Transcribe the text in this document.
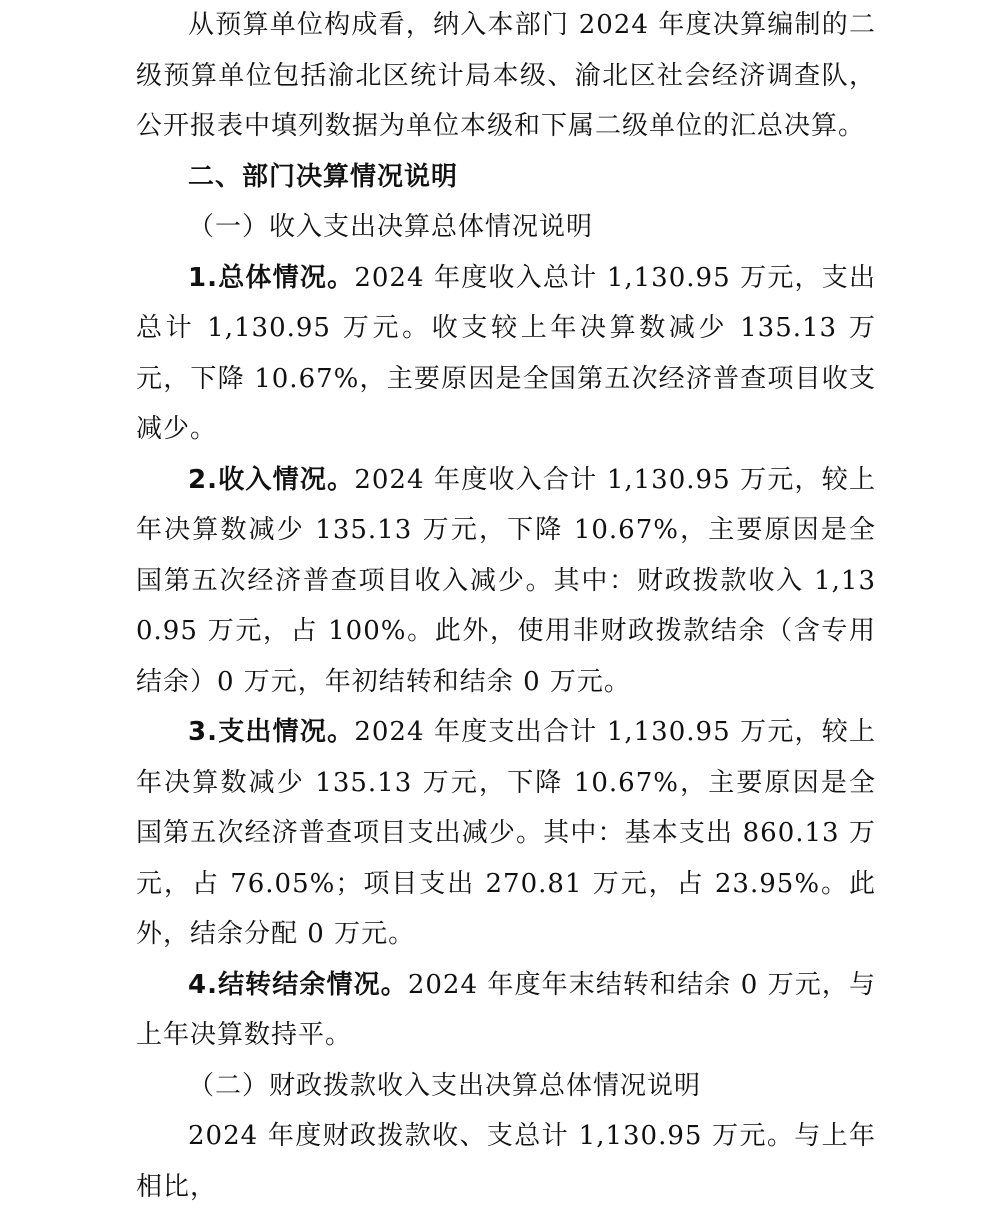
从预算单位构成看，纳入本部门 2024 年度决算编制的二级预算单位包括渝北区统计局本级、渝北区社会经济调查队，公开报表中填列数据为单位本级和下属二级单位的汇总决算。

二、部门决算情况说明

（一）收入支出决算总体情况说明

1.总体情况。2024 年度收入总计 1,130.95 万元，支出总计 1,130.95 万元。收支较上年决算数减少 135.13 万元，下降 10.67%，主要原因是全国第五次经济普查项目收支减少。

2.收入情况。2024 年度收入合计 1,130.95 万元，较上年决算数减少 135.13 万元，下降 10.67%，主要原因是全国第五次经济普查项目收入减少。其中：财政拨款收入 1,130.95 万元，占 100%。此外，使用非财政拨款结余（含专用结余）0 万元，年初结转和结余 0 万元。

3.支出情况。2024 年度支出合计 1,130.95 万元，较上年决算数减少 135.13 万元，下降 10.67%，主要原因是全国第五次经济普查项目支出减少。其中：基本支出 860.13 万元，占 76.05%；项目支出 270.81 万元，占 23.95%。此外，结余分配 0 万元。

4.结转结余情况。2024 年度年末结转和结余 0 万元，与上年决算数持平。

（二）财政拨款收入支出决算总体情况说明

2024 年度财政拨款收、支总计 1,130.95 万元。与上年相比，
